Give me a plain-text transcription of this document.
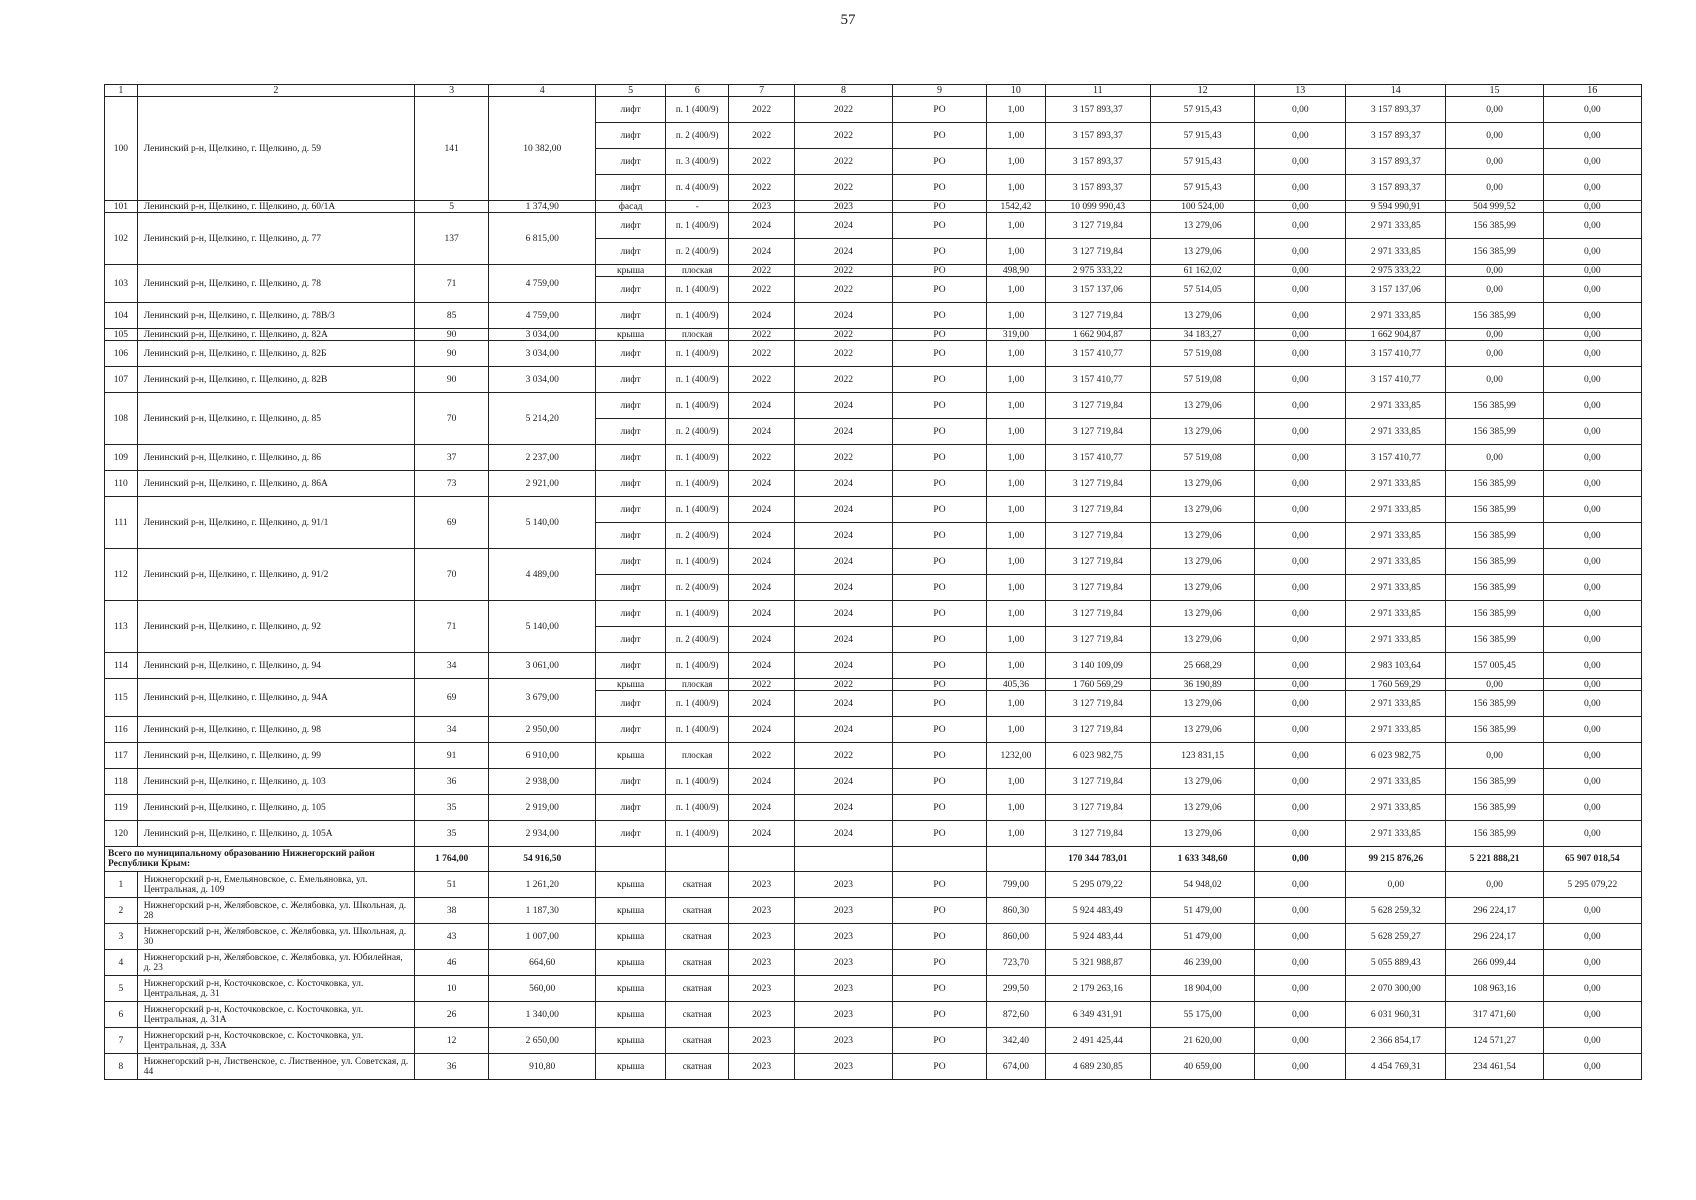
57
1	2	3	4	5	6	7	8	9	10	11	12	13	14	15	16
100	Ленинский р-н, Щелкино, г. Щелкино, д. 59	141	10 382,00	лифт	п. 1 (400/9)	2022	2022	РО	1,00	3 157 893,37	57 915,43	0,00	3 157 893,37	0,00	0,00
				лифт	п. 2 (400/9)	2022	2022	РО	1,00	3 157 893,37	57 915,43	0,00	3 157 893,37	0,00	0,00
				лифт	п. 3 (400/9)	2022	2022	РО	1,00	3 157 893,37	57 915,43	0,00	3 157 893,37	0,00	0,00
				лифт	п. 4 (400/9)	2022	2022	РО	1,00	3 157 893,37	57 915,43	0,00	3 157 893,37	0,00	0,00
101	Ленинский р-н, Щелкино, г. Щелкино, д. 60/1А	5	1 374,90	фасад	-	2023	2023	РО	1542,42	10 099 990,43	100 524,00	0,00	9 594 990,91	504 999,52	0,00
102	Ленинский р-н, Щелкино, г. Щелкино, д. 77	137	6 815,00	лифт	п. 1 (400/9)	2024	2024	РО	1,00	3 127 719,84	13 279,06	0,00	2 971 333,85	156 385,99	0,00
				лифт	п. 2 (400/9)	2024	2024	РО	1,00	3 127 719,84	13 279,06	0,00	2 971 333,85	156 385,99	0,00
103	Ленинский р-н, Щелкино, г. Щелкино, д. 78	71	4 759,00	крыша	плоская	2022	2022	РО	498,90	2 975 333,22	61 162,02	0,00	2 975 333,22	0,00	0,00
				лифт	п. 1 (400/9)	2022	2022	РО	1,00	3 157 137,06	57 514,05	0,00	3 157 137,06	0,00	0,00
104	Ленинский р-н, Щелкино, г. Щелкино, д. 78В/3	85	4 759,00	лифт	п. 1 (400/9)	2024	2024	РО	1,00	3 127 719,84	13 279,06	0,00	2 971 333,85	156 385,99	0,00
105	Ленинский р-н, Щелкино, г. Щелкино, д. 82А	90	3 034,00	крыша	плоская	2022	2022	РО	319,00	1 662 904,87	34 183,27	0,00	1 662 904,87	0,00	0,00
106	Ленинский р-н, Щелкино, г. Щелкино, д. 82Б	90	3 034,00	лифт	п. 1 (400/9)	2022	2022	РО	1,00	3 157 410,77	57 519,08	0,00	3 157 410,77	0,00	0,00
107	Ленинский р-н, Щелкино, г. Щелкино, д. 82В	90	3 034,00	лифт	п. 1 (400/9)	2022	2022	РО	1,00	3 157 410,77	57 519,08	0,00	3 157 410,77	0,00	0,00
108	Ленинский р-н, Щелкино, г. Щелкино, д. 85	70	5 214,20	лифт	п. 1 (400/9)	2024	2024	РО	1,00	3 127 719,84	13 279,06	0,00	2 971 333,85	156 385,99	0,00
				лифт	п. 2 (400/9)	2024	2024	РО	1,00	3 127 719,84	13 279,06	0,00	2 971 333,85	156 385,99	0,00
109	Ленинский р-н, Щелкино, г. Щелкино, д. 86	37	2 237,00	лифт	п. 1 (400/9)	2022	2022	РО	1,00	3 157 410,77	57 519,08	0,00	3 157 410,77	0,00	0,00
110	Ленинский р-н, Щелкино, г. Щелкино, д. 86А	73	2 921,00	лифт	п. 1 (400/9)	2024	2024	РО	1,00	3 127 719,84	13 279,06	0,00	2 971 333,85	156 385,99	0,00
111	Ленинский р-н, Щелкино, г. Щелкино, д. 91/1	69	5 140,00	лифт	п. 1 (400/9)	2024	2024	РО	1,00	3 127 719,84	13 279,06	0,00	2 971 333,85	156 385,99	0,00
				лифт	п. 2 (400/9)	2024	2024	РО	1,00	3 127 719,84	13 279,06	0,00	2 971 333,85	156 385,99	0,00
112	Ленинский р-н, Щелкино, г. Щелкино, д. 91/2	70	4 489,00	лифт	п. 1 (400/9)	2024	2024	РО	1,00	3 127 719,84	13 279,06	0,00	2 971 333,85	156 385,99	0,00
				лифт	п. 2 (400/9)	2024	2024	РО	1,00	3 127 719,84	13 279,06	0,00	2 971 333,85	156 385,99	0,00
113	Ленинский р-н, Щелкино, г. Щелкино, д. 92	71	5 140,00	лифт	п. 1 (400/9)	2024	2024	РО	1,00	3 127 719,84	13 279,06	0,00	2 971 333,85	156 385,99	0,00
				лифт	п. 2 (400/9)	2024	2024	РО	1,00	3 127 719,84	13 279,06	0,00	2 971 333,85	156 385,99	0,00
114	Ленинский р-н, Щелкино, г. Щелкино, д. 94	34	3 061,00	лифт	п. 1 (400/9)	2024	2024	РО	1,00	3 140 109,09	25 668,29	0,00	2 983 103,64	157 005,45	0,00
115	Ленинский р-н, Щелкино, г. Щелкино, д. 94А	69	3 679,00	крыша	плоская	2022	2022	РО	405,36	1 760 569,29	36 190,89	0,00	1 760 569,29	0,00	0,00
				лифт	п. 1 (400/9)	2024	2024	РО	1,00	3 127 719,84	13 279,06	0,00	2 971 333,85	156 385,99	0,00
116	Ленинский р-н, Щелкино, г. Щелкино, д. 98	34	2 950,00	лифт	п. 1 (400/9)	2024	2024	РО	1,00	3 127 719,84	13 279,06	0,00	2 971 333,85	156 385,99	0,00
117	Ленинский р-н, Щелкино, г. Щелкино, д. 99	91	6 910,00	крыша	плоская	2022	2022	РО	1232,00	6 023 982,75	123 831,15	0,00	6 023 982,75	0,00	0,00
118	Ленинский р-н, Щелкино, г. Щелкино, д. 103	36	2 938,00	лифт	п. 1 (400/9)	2024	2024	РО	1,00	3 127 719,84	13 279,06	0,00	2 971 333,85	156 385,99	0,00
119	Ленинский р-н, Щелкино, г. Щелкино, д. 105	35	2 919,00	лифт	п. 1 (400/9)	2024	2024	РО	1,00	3 127 719,84	13 279,06	0,00	2 971 333,85	156 385,99	0,00
120	Ленинский р-н, Щелкино, г. Щелкино, д. 105А	35	2 934,00	лифт	п. 1 (400/9)	2024	2024	РО	1,00	3 127 719,84	13 279,06	0,00	2 971 333,85	156 385,99	0,00
Всего по муниципальному образованию Нижнегорский район Республики Крым:		1 764,00	54 916,50							170 344 783,01	1 633 348,60	0,00	99 215 876,26	5 221 888,21	65 907 018,54
1	Нижнегорский р-н, Емельяновское, с. Емельяновка, ул. Центральная, д. 109	51	1 261,20	крыша	скатная	2023	2023	РО	799,00	5 295 079,22	54 948,02	0,00	0,00	0,00	5 295 079,22
2	Нижнегорский р-н, Желябовское, с. Желябовка, ул. Школьная, д. 28	38	1 187,30	крыша	скатная	2023	2023	РО	860,30	5 924 483,49	51 479,00	0,00	5 628 259,32	296 224,17	0,00
3	Нижнегорский р-н, Желябовское, с. Желябовка, ул. Школьная, д. 30	43	1 007,00	крыша	скатная	2023	2023	РО	860,00	5 924 483,44	51 479,00	0,00	5 628 259,27	296 224,17	0,00
4	Нижнегорский р-н, Желябовское, с. Желябовка, ул. Юбилейная, д. 23	46	664,60	крыша	скатная	2023	2023	РО	723,70	5 321 988,87	46 239,00	0,00	5 055 889,43	266 099,44	0,00
5	Нижнегорский р-н, Косточковское, с. Косточковка, ул. Центральная, д. 31	10	560,00	крыша	скатная	2023	2023	РО	299,50	2 179 263,16	18 904,00	0,00	2 070 300,00	108 963,16	0,00
6	Нижнегорский р-н, Косточковское, с. Косточковка, ул. Центральная, д. 31А	26	1 340,00	крыша	скатная	2023	2023	РО	872,60	6 349 431,91	55 175,00	0,00	6 031 960,31	317 471,60	0,00
7	Нижнегорский р-н, Косточковское, с. Косточковка, ул. Центральная, д. 33А	12	2 650,00	крыша	скатная	2023	2023	РО	342,40	2 491 425,44	21 620,00	0,00	2 366 854,17	124 571,27	0,00
8	Нижнегорский р-н, Лиственское, с. Лиственное, ул. Советская, д. 44	36	910,80	крыша	скатная	2023	2023	РО	674,00	4 689 230,85	40 659,00	0,00	4 454 769,31	234 461,54	0,00
